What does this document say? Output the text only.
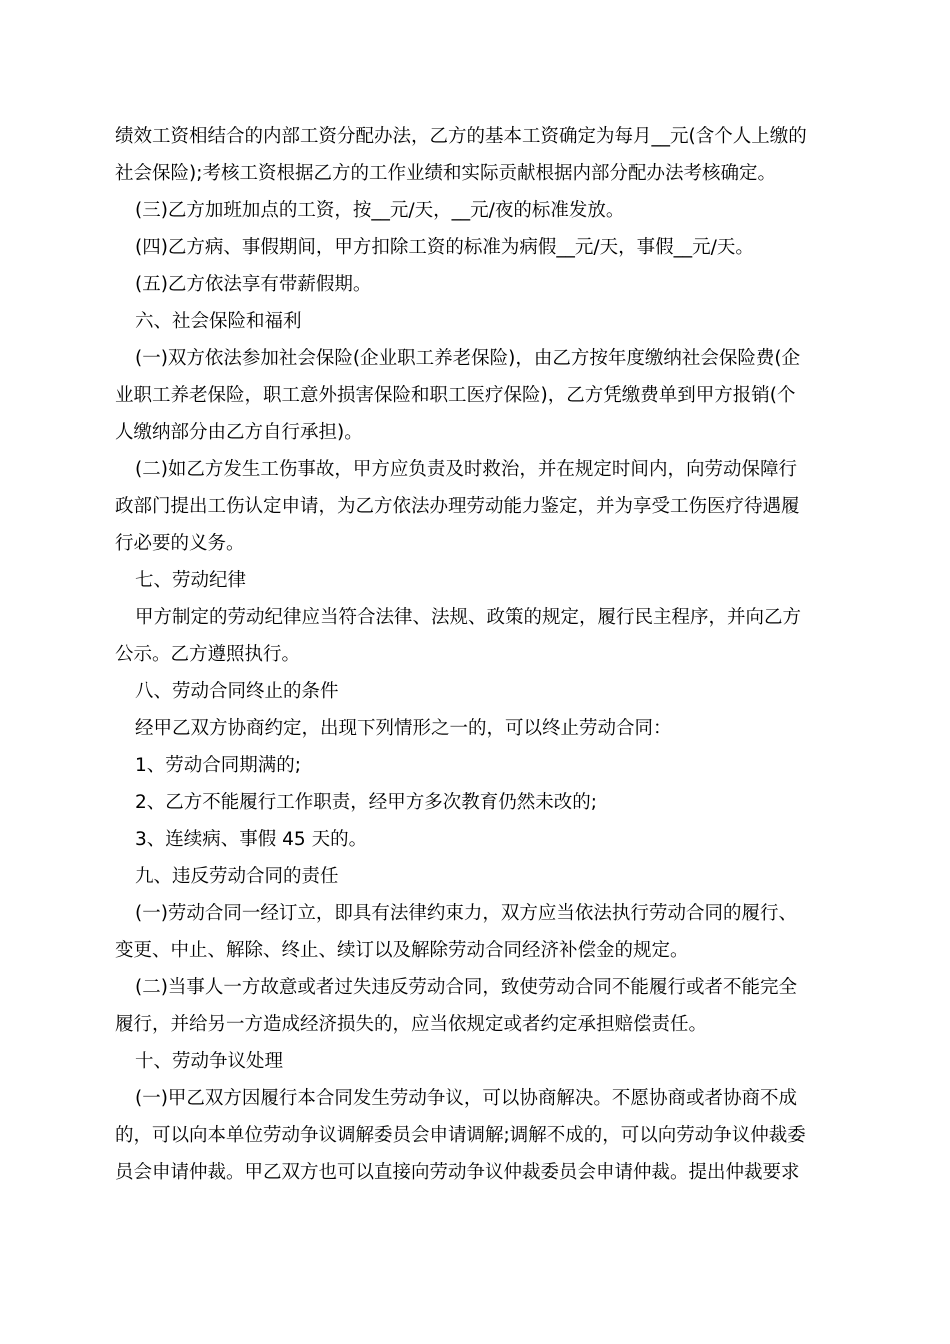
绩效工资相结合的内部工资分配办法，乙方的基本工资确定为每月__元(含个人上缴的
社会保险);考核工资根据乙方的工作业绩和实际贡献根据内部分配办法考核确定。
(三)乙方加班加点的工资，按__元/天，__元/夜的标准发放。
(四)乙方病、事假期间，甲方扣除工资的标准为病假__元/天，事假__元/天。
(五)乙方依法享有带薪假期。
六、社会保险和福利
(一)双方依法参加社会保险(企业职工养老保险)，由乙方按年度缴纳社会保险费(企
业职工养老保险，职工意外损害保险和职工医疗保险)，乙方凭缴费单到甲方报销(个
人缴纳部分由乙方自行承担)。
(二)如乙方发生工伤事故，甲方应负责及时救治，并在规定时间内，向劳动保障行
政部门提出工伤认定申请，为乙方依法办理劳动能力鉴定，并为享受工伤医疗待遇履
行必要的义务。
七、劳动纪律
甲方制定的劳动纪律应当符合法律、法规、政策的规定，履行民主程序，并向乙方
公示。乙方遵照执行。
八、劳动合同终止的条件
经甲乙双方协商约定，出现下列情形之一的，可以终止劳动合同：
1、劳动合同期满的;
2、乙方不能履行工作职责，经甲方多次教育仍然未改的;
3、连续病、事假 45 天的。
九、违反劳动合同的责任
(一)劳动合同一经订立，即具有法律约束力，双方应当依法执行劳动合同的履行、
变更、中止、解除、终止、续订以及解除劳动合同经济补偿金的规定。
(二)当事人一方故意或者过失违反劳动合同，致使劳动合同不能履行或者不能完全
履行，并给另一方造成经济损失的，应当依规定或者约定承担赔偿责任。
十、劳动争议处理
(一)甲乙双方因履行本合同发生劳动争议，可以协商解决。不愿协商或者协商不成
的，可以向本单位劳动争议调解委员会申请调解;调解不成的，可以向劳动争议仲裁委
员会申请仲裁。甲乙双方也可以直接向劳动争议仲裁委员会申请仲裁。提出仲裁要求
